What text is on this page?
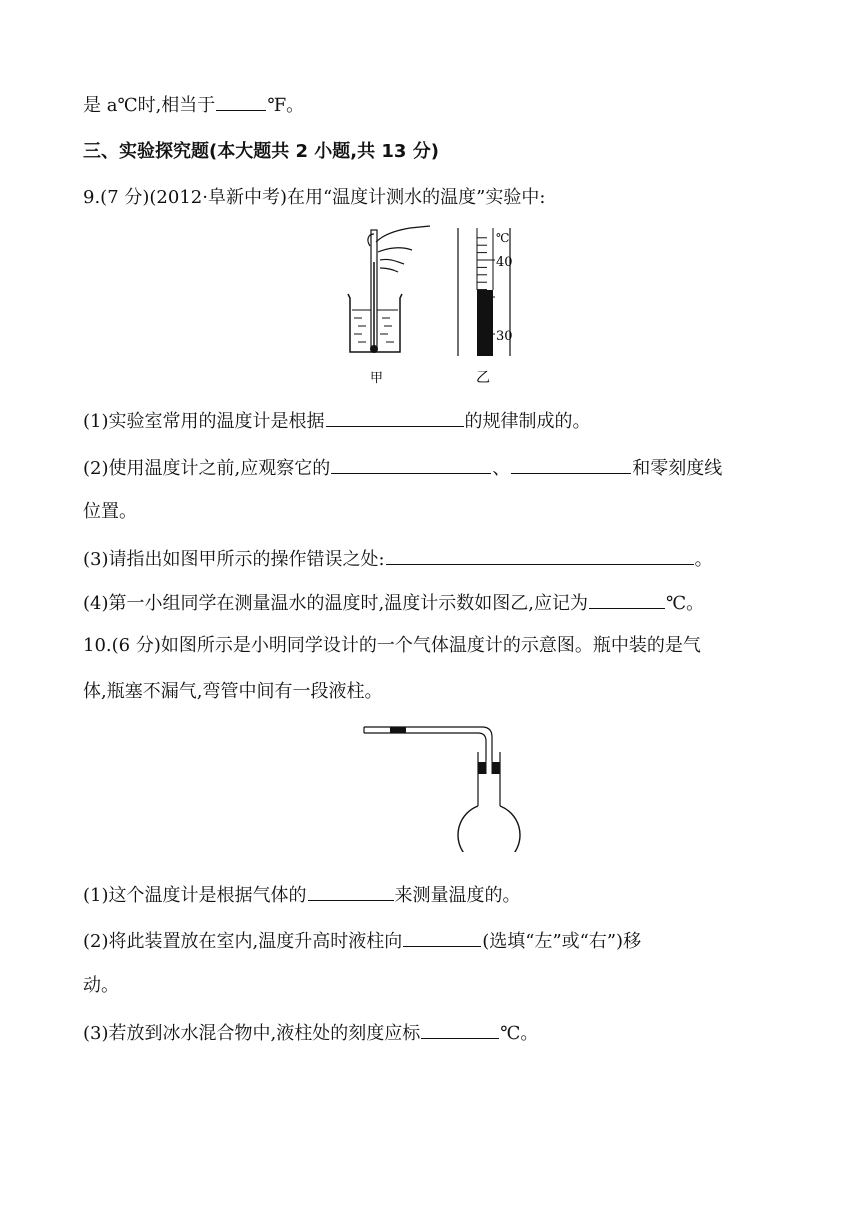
是 a℃时,相当于	℉。
三、实验探究题(本大题共 2 小题,共 13 分)
9.(7 分)(2012·阜新中考)在用“温度计测水的温度”实验中:
甲
℃
40
30
乙
(1)实验室常用的温度计是根据	的规律制成的。
(2)使用温度计之前,应观察它的	、	和零刻度线
位置。
(3)请指出如图甲所示的操作错误之处:	。
(4)第一小组同学在测量温水的温度时,温度计示数如图乙,应记为	℃。
10.(6 分)如图所示是小明同学设计的一个气体温度计的示意图。瓶中装的是气
体,瓶塞不漏气,弯管中间有一段液柱。
(1)这个温度计是根据气体的	来测量温度的。
(2)将此装置放在室内,温度升高时液柱向	(选填“左”或“右”)移
动。
(3)若放到冰水混合物中,液柱处的刻度应标	℃。
